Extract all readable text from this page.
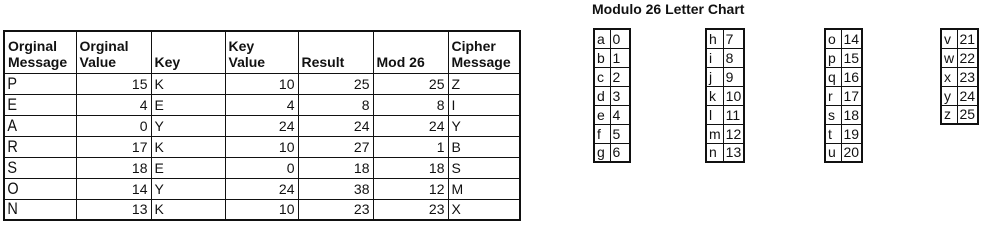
Orginal Message	Orginal Value	Key	Key Value	Result	Mod 26	Cipher Message
P	15	K	10	25	25	Z
E	4	E	4	8	8	I
A	0	Y	24	24	24	Y
R	17	K	10	27	1	B
S	18	E	0	18	18	S
O	14	Y	24	38	12	M
N	13	K	10	23	23	X
Modulo 26 Letter Chart
a	0
b	1
c	2
d	3
e	4
f	5
g	6
h	7
i	8
j	9
k	10
l	11
m	12
n	13
o	14
p	15
q	16
r	17
s	18
t	19
u	20
v	21
w	22
x	23
y	24
z	25
